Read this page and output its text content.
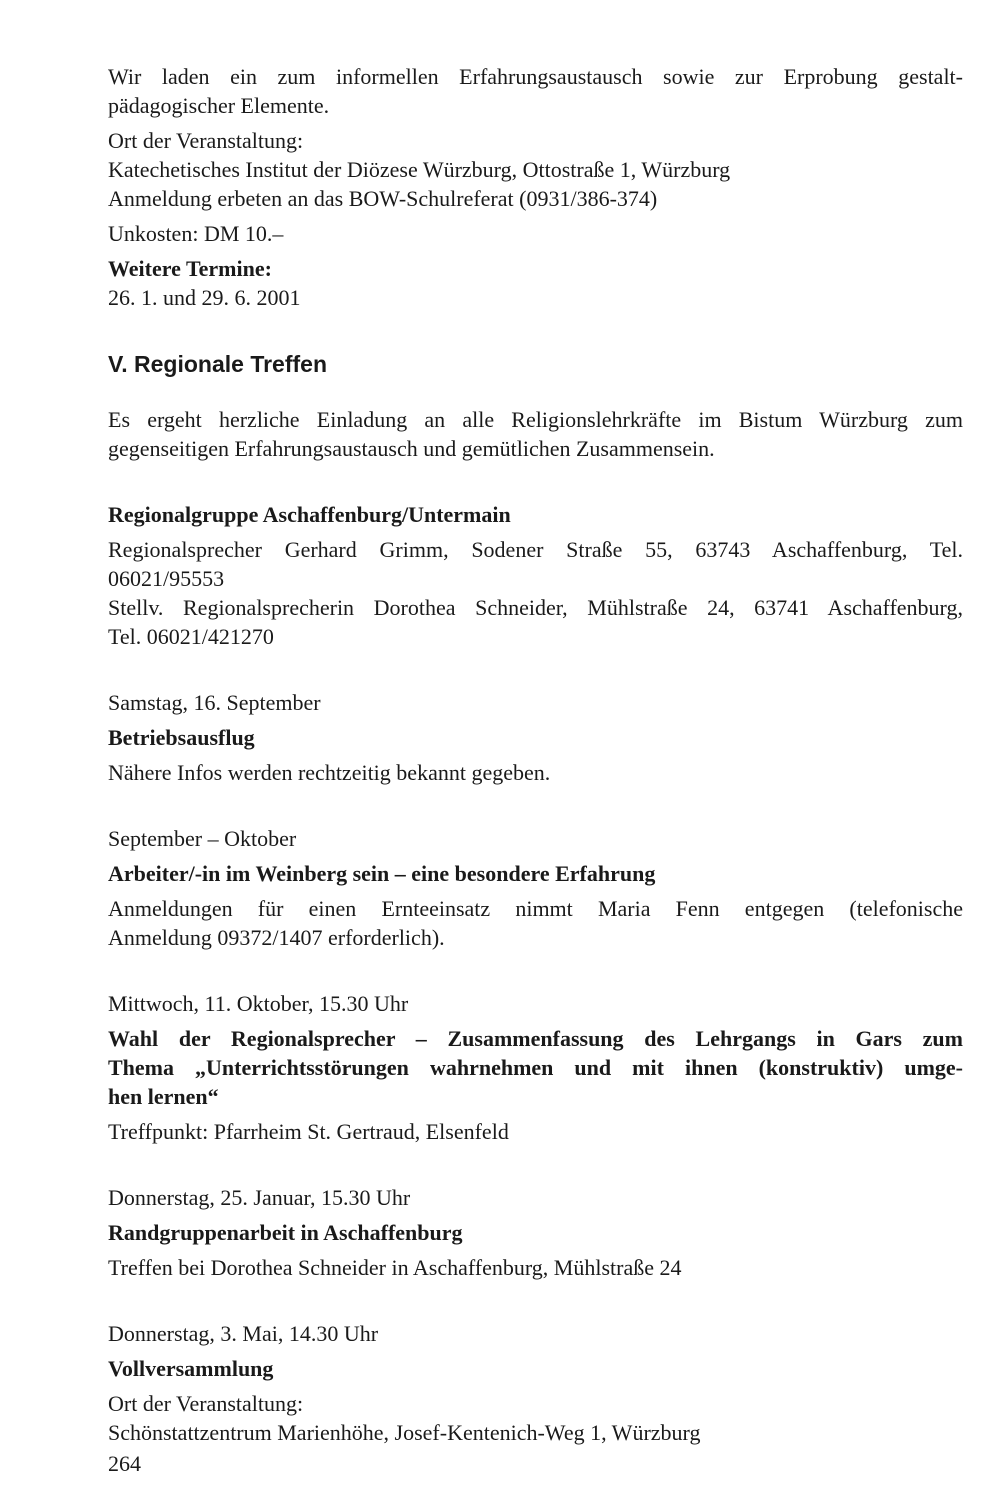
Wir laden ein zum informellen Erfahrungsaustausch sowie zur Erprobung gestalt-
pädagogischer Elemente.
Ort der Veranstaltung:
Katechetisches Institut der Diözese Würzburg, Ottostraße 1, Würzburg
Anmeldung erbeten an das BOW-Schulreferat (0931/386-374)
Unkosten: DM 10.–

Weitere Termine:

26. 1. und 29. 6. 2001
V. Regionale Treffen
Es ergeht herzliche Einladung an alle Religionslehrkräfte im Bistum Würzburg zum
gegenseitigen Erfahrungsaustausch und gemütlichen Zusammensein.

Regionalgruppe Aschaffenburg/Untermain

Regionalsprecher Gerhard Grimm, Sodener Straße 55, 63743 Aschaffenburg, Tel.
06021/95553
Stellv. Regionalsprecherin Dorothea Schneider, Mühlstraße 24, 63741 Aschaffenburg,
Tel. 06021/421270
Samstag, 16. September
Betriebsausflug
Nähere Infos werden rechtzeitig bekannt gegeben.
September – Oktober
Arbeiter/-in im Weinberg sein – eine besondere Erfahrung
Anmeldungen für einen Ernteeinsatz nimmt Maria Fenn entgegen (telefonische
Anmeldung 09372/1407 erforderlich).
Mittwoch, 11. Oktober, 15.30 Uhr
Wahl der Regionalsprecher – Zusammenfassung des Lehrgangs in Gars zum
Thema „Unterrichtsstörungen wahrnehmen und mit ihnen (konstruktiv) umge-
hen lernen“
Treffpunkt: Pfarrheim St. Gertraud, Elsenfeld
Donnerstag, 25. Januar, 15.30 Uhr
Randgruppenarbeit in Aschaffenburg
Treffen bei Dorothea Schneider in Aschaffenburg, Mühlstraße 24
Donnerstag, 3. Mai, 14.30 Uhr
Vollversammlung
Ort der Veranstaltung:
Schönstattzentrum Marienhöhe, Josef-Kentenich-Weg 1, Würzburg
264
